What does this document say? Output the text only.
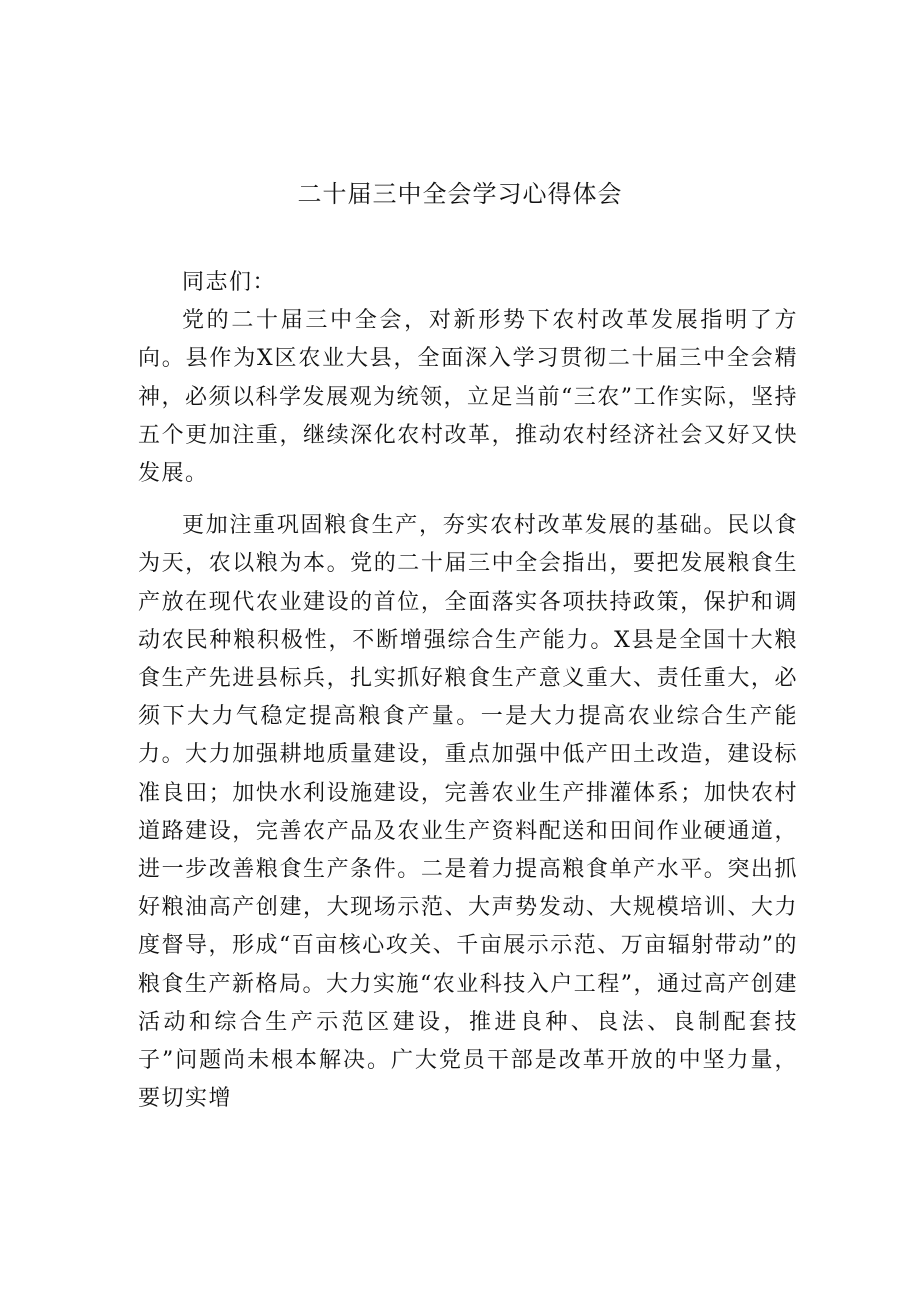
二十届三中全会学习心得体会

同志们：

党的二十届三中全会，对新形势下农村改革发展指明了方向。县作为X区农业大县，全面深入学习贯彻二十届三中全会精神，必须以科学发展观为统领，立足当前“三农”工作实际，坚持五个更加注重，继续深化农村改革，推动农村经济社会又好又快发展。

更加注重巩固粮食生产，夯实农村改革发展的基础。民以食为天，农以粮为本。党的二十届三中全会指出，要把发展粮食生产放在现代农业建设的首位，全面落实各项扶持政策，保护和调动农民种粮积极性，不断增强综合生产能力。X县是全国十大粮食生产先进县标兵，扎实抓好粮食生产意义重大、责任重大，必须下大力气稳定提高粮食产量。一是大力提高农业综合生产能力。大力加强耕地质量建设，重点加强中低产田土改造，建设标准良田；加快水利设施建设，完善农业生产排灌体系；加快农村道路建设，完善农产品及农业生产资料配送和田间作业硬通道，进一步改善粮食生产条件。二是着力提高粮食单产水平。突出抓好粮油高产创建，大现场示范、大声势发动、大规模培训、大力度督导，形成“百亩核心攻关、千亩展示示范、万亩辐射带动”的粮食生产新格局。大力实施“农业科技入户工程”，通过高产创建活动和综合生产示范区建设，推进良种、良法、良制配套技子”问题尚未根本解决。广大党员干部是改革开放的中坚力量，要切实增
